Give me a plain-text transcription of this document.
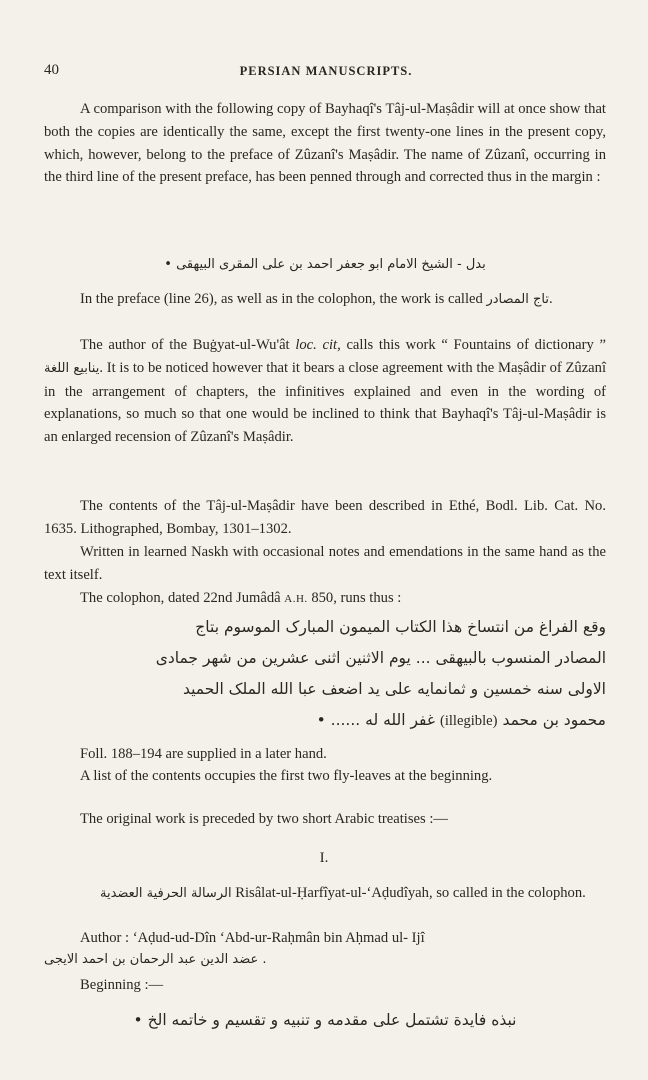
40	PERSIAN MANUSCRIPTS.

A comparison with the following copy of Bayhaqî's Tâj-ul-Maṣâdir will at once show that both the copies are identically the same, except the first twenty-one lines in the present copy, which, however, belong to the preface of Zûzanî's Maṣâdir. The name of Zûzanî, occurring in the third line of the present preface, has been penned through and corrected thus in the margin :

بدل - الشیخ الامام ابو جعفر احمد بن علی المقری البیهقی •

In the preface (line 26), as well as in the colophon, the work is called تاج المصادر.

The author of the Buġyat-ul-Wu'ât loc. cit, calls this work “ Fountains of dictionary ” ينابيع اللغة. It is to be noticed however that it bears a close agreement with the Maṣâdir of Zûzanî in the arrangement of chapters, the infinitives explained and even in the wording of explanations, so much so that one would be inclined to think that Bayhaqî's Tâj-ul-Maṣâdir is an enlarged recension of Zûzanî's Maṣâdir.

The contents of the Tâj-ul-Maṣâdir have been described in Ethé, Bodl. Lib. Cat. No. 1635. Lithographed, Bombay, 1301–1302.

Written in learned Naskh with occasional notes and emendations in the same hand as the text itself.

The colophon, dated 22nd Jumâdâ A.H. 850, runs thus :

وقع الفراغ من انتساخ هذا الکتاب المیمون المبارک الموسوم بتاج
المصادر المنسوب بالبیهقی ... یوم الاثنین اثنی عشرین من شهر جمادی
الاولی سنه خمسین و ثمانمایه علی ید اضعف عبا الله الملک الحمید
محمود بن محمد (illegible) غفر الله له ...... •

Foll. 188–194 are supplied in a later hand.

A list of the contents occupies the first two fly-leaves at the beginning.

The original work is preceded by two short Arabic treatises :—

I.

الرسالة الحرفية العضدية Risâlat-ul-Ḥarfîyat-ul-‘Aḍudîyah, so called in the colophon.

Author : ‘Aḍud-ud-Dîn ‘Abd-ur-Raḥmân bin Aḥmad ul- Ijî

. عضد الدین عبد الرحمان بن احمد الایجی

Beginning :—

نبذه فایدة تشتمل علی مقدمه و تنبیه و تقسیم و خاتمه الخ •
